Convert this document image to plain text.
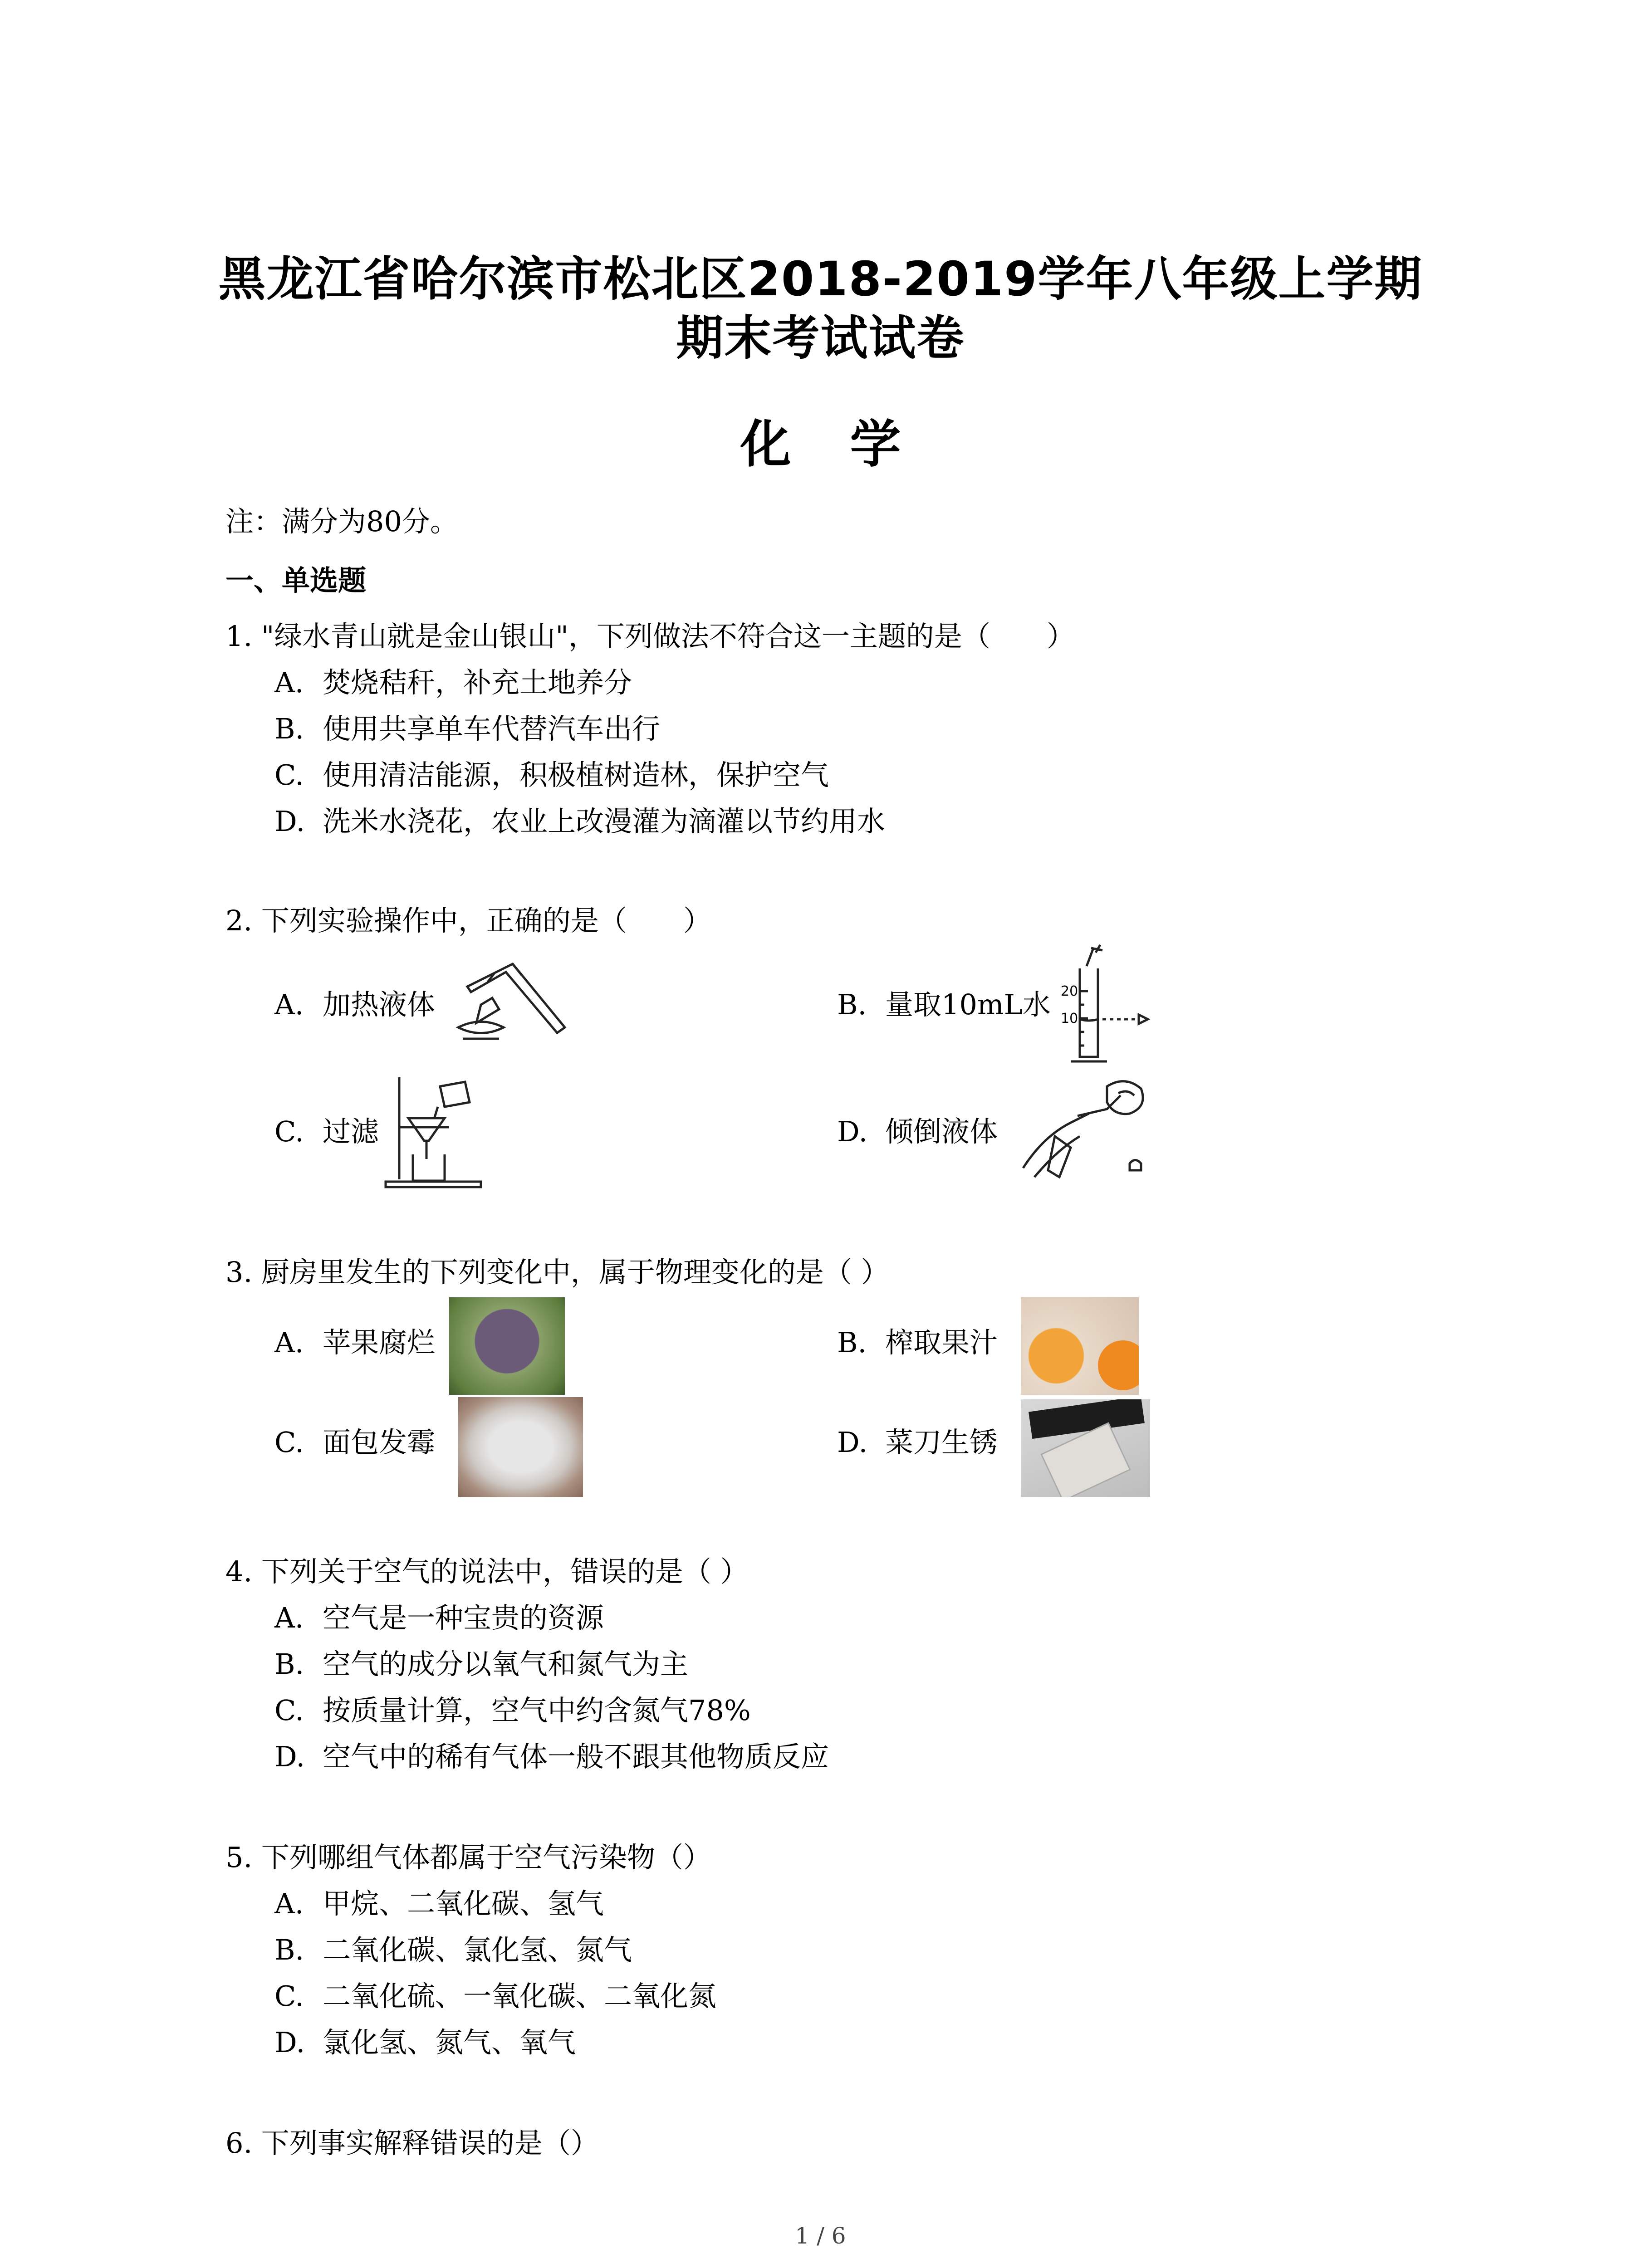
黑龙江省哈尔滨市松北区2018-2019学年八年级上学期
期末考试试卷
化学
注：满分为80分。
一、单选题
1. "绿水青山就是金山银山"，下列做法不符合这一主题的是（　　）
A. 焚烧秸秆，补充土地养分
B. 使用共享单车代替汽车出行
C. 使用清洁能源，积极植树造林，保护空气
D. 洗米水浇花，农业上改漫灌为滴灌以节约用水
2. 下列实验操作中，正确的是（　　）
A. 加热液体	B. 量取10mL水 20
10
C. 过滤	D. 倾倒液体
3. 厨房里发生的下列变化中，属于物理变化的是（ ）
A. 苹果腐烂	B. 榨取果汁
C. 面包发霉	D. 菜刀生锈
4. 下列关于空气的说法中，错误的是（ ）
A. 空气是一种宝贵的资源
B. 空气的成分以氧气和氮气为主
C. 按质量计算，空气中约含氮气78%
D. 空气中的稀有气体一般不跟其他物质反应
5. 下列哪组气体都属于空气污染物（）
A. 甲烷、二氧化碳、氢气
B. 二氧化碳、氯化氢、氮气
C. 二氧化硫、一氧化碳、二氧化氮
D. 氯化氢、氮气、氧气
6. 下列事实解释错误的是（）
1 / 6
